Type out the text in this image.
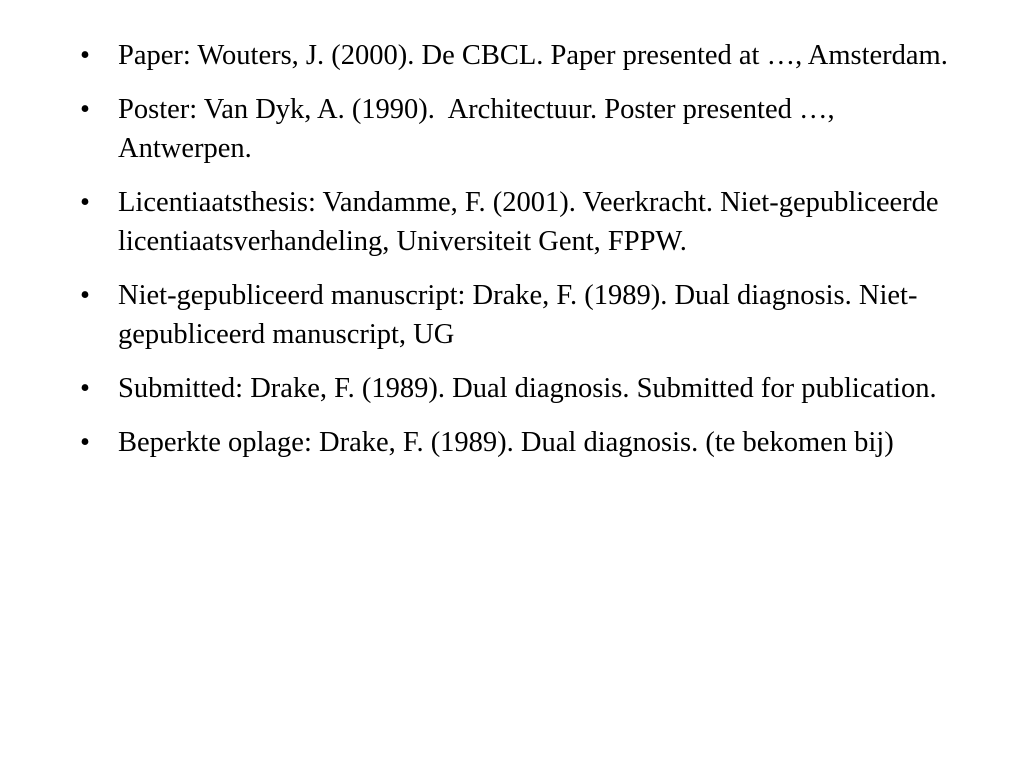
• Paper: Wouters, J. (2000). De CBCL. Paper presented at …, Amsterdam.
• Poster: Van Dyk, A. (1990).  Architectuur. Poster presented …, Antwerpen.
• Licentiaatsthesis: Vandamme, F. (2001). Veerkracht. Niet-gepubliceerde licentiaatsverhandeling, Universiteit Gent, FPPW.
• Niet-gepubliceerd manuscript: Drake, F. (1989). Dual diagnosis. Niet-gepubliceerd manuscript, UG
• Submitted: Drake, F. (1989). Dual diagnosis. Submitted for publication.
• Beperkte oplage: Drake, F. (1989). Dual diagnosis. (te bekomen bij)
